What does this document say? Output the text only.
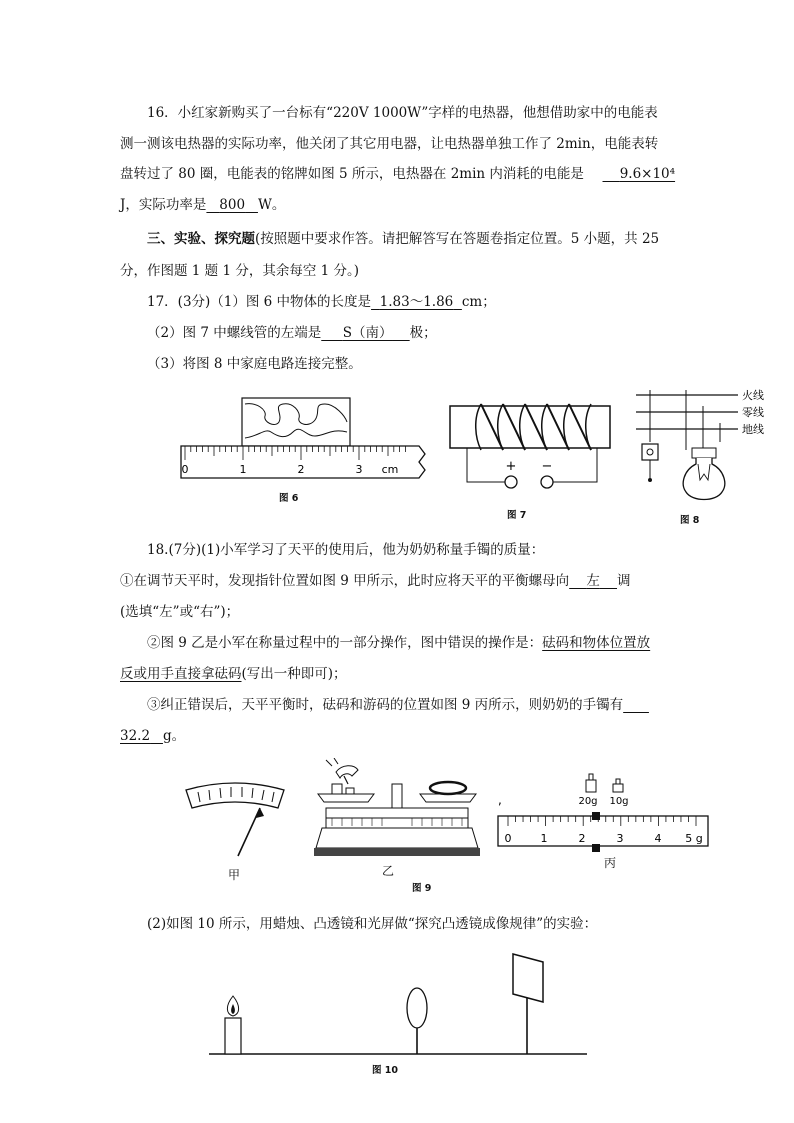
16．小红家新购买了一台标有“220V 1000W”字样的电热器，他想借助家中的电能表
测一测该电热器的实际功率，他关闭了其它用电器，让电热器单独工作了 2min，电能表转
盘转过了 80 圈，电能表的铭牌如图 5 所示，电热器在 2min 内消耗的电能是	9.6×10⁴
J，实际功率是 800 W。
三、实验、探究题(按照题中要求作答。请把解答写在答题卷指定位置。5 小题，共 25
分，作图题 1 题 1 分，其余每空 1 分。)
17．(3分)（1）图 6 中物体的长度是 1.83～1.86 cm；
（2）图 7 中螺线管的左端是 S（南） 极；
（3）将图 8 中家庭电路连接完整。
0	1	2	3 cm
图 6
+ −
图 7
火线
零线
地线
图 8
18.(7分)(1)小军学习了天平的使用后，他为奶奶称量手镯的质量：
①在调节天平时，发现指针位置如图 9 甲所示，此时应将天平的平衡螺母向 左 调
(选填“左”或“右”)；
②图 9 乙是小军在称量过程中的一部分操作，图中错误的操作是：砝码和物体位置放
反或用手直接拿砝码(写出一种即可)；
③纠正错误后，天平平衡时，砝码和游码的位置如图 9 丙所示，则奶奶的手镯有
32.2 g。
甲	乙
图 9
,	20g 10g
0	1	2	3	4 5 g
丙
(2)如图 10 所示，用蜡烛、凸透镜和光屏做“探究凸透镜成像规律”的实验：
图 10
